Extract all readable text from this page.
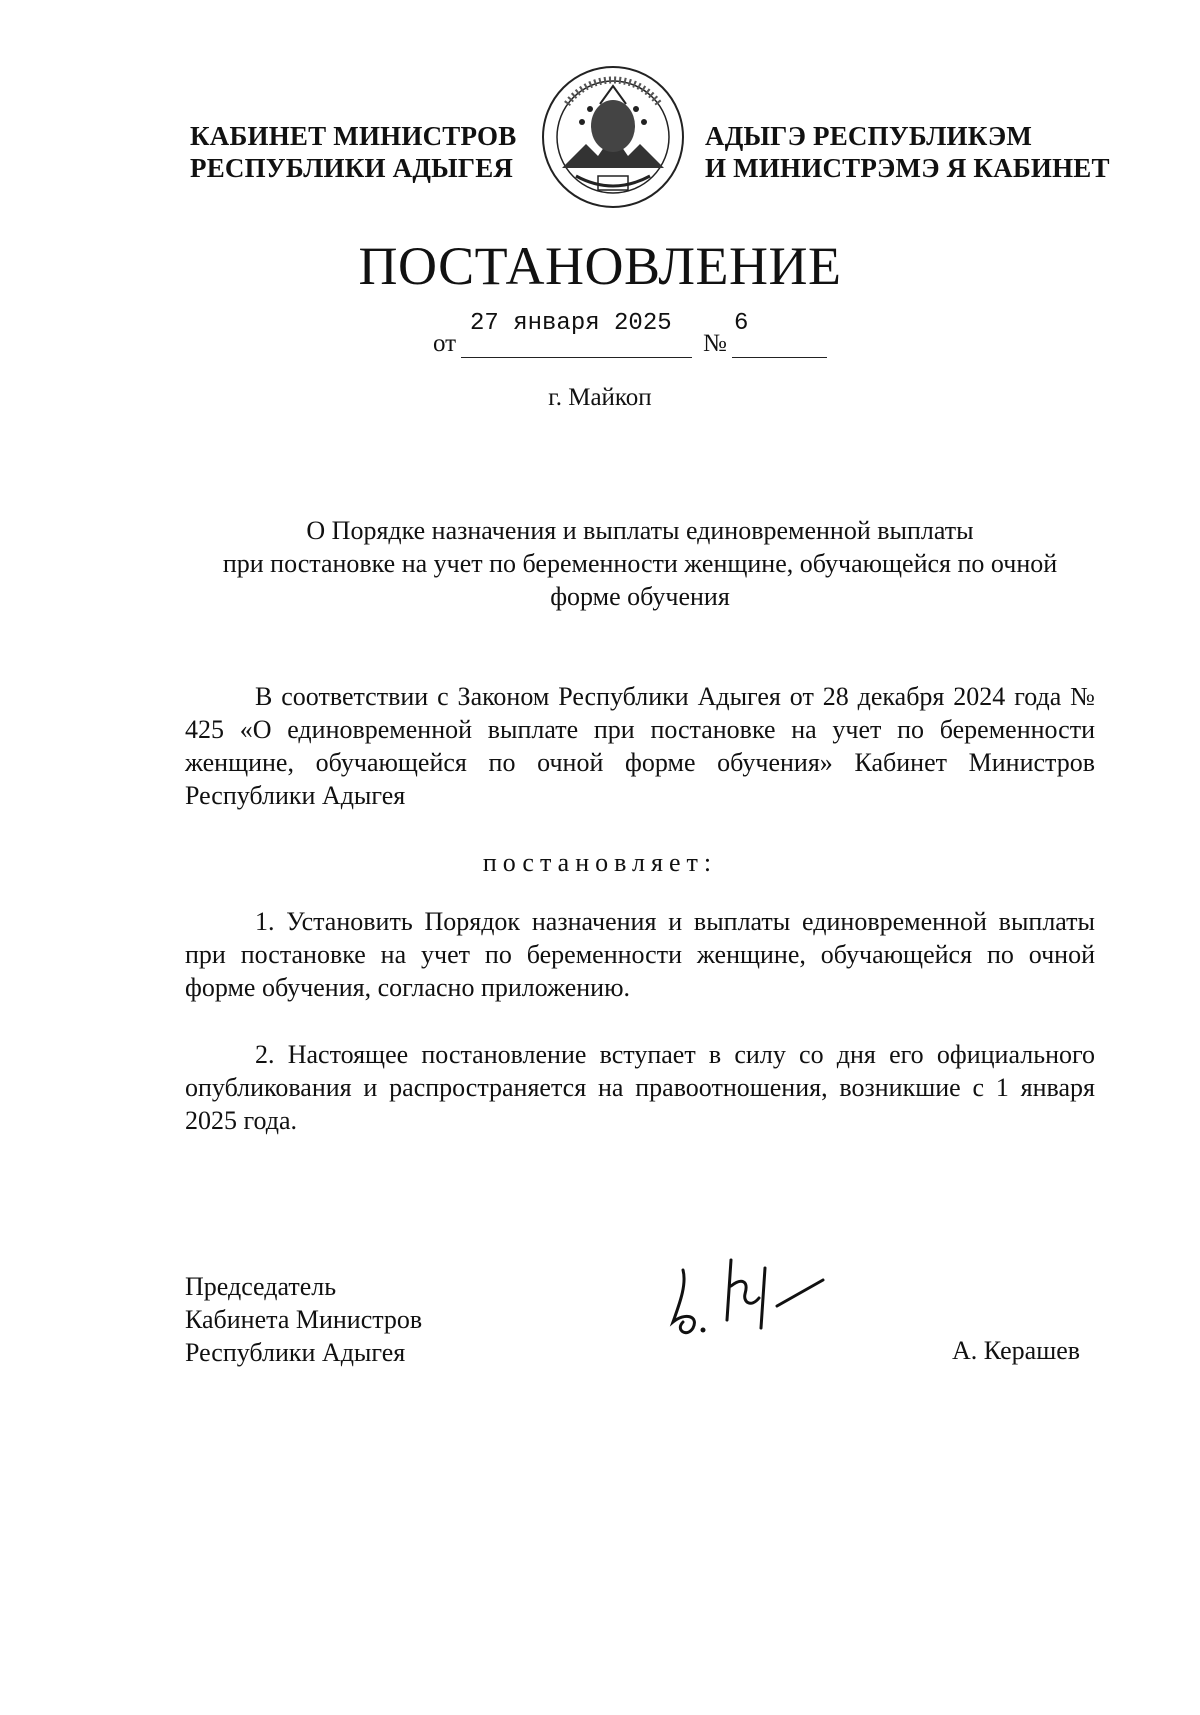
КАБИНЕТ МИНИСТРОВ
РЕСПУБЛИКИ АДЫГЕЯ
АДЫГЭ РЕСПУБЛИКЭМ
И МИНИСТРЭМЭ Я КАБИНЕТ
ПОСТАНОВЛЕНИЕ
от
27 января 2025
№
6
г. Майкоп
О Порядке назначения и выплаты единовременной выплаты
при постановке на учет по беременности женщине, обучающейся по очной
форме обучения
В соответствии с Законом Республики Адыгея от 28 декабря 2024 года № 425 «О единовременной выплате при постановке на учет по беременности женщине, обучающейся по очной форме обучения» Кабинет Министров Республики Адыгея
постановляет:
1. Установить Порядок назначения и выплаты единовременной выплаты при постановке на учет по беременности женщине, обучающейся по очной форме обучения, согласно приложению.
2. Настоящее постановление вступает в силу со дня его официального опубликования и распространяется на правоотношения, возникшие с 1 января 2025 года.
Председатель
Кабинета Министров
Республики Адыгея	А. Керашев
